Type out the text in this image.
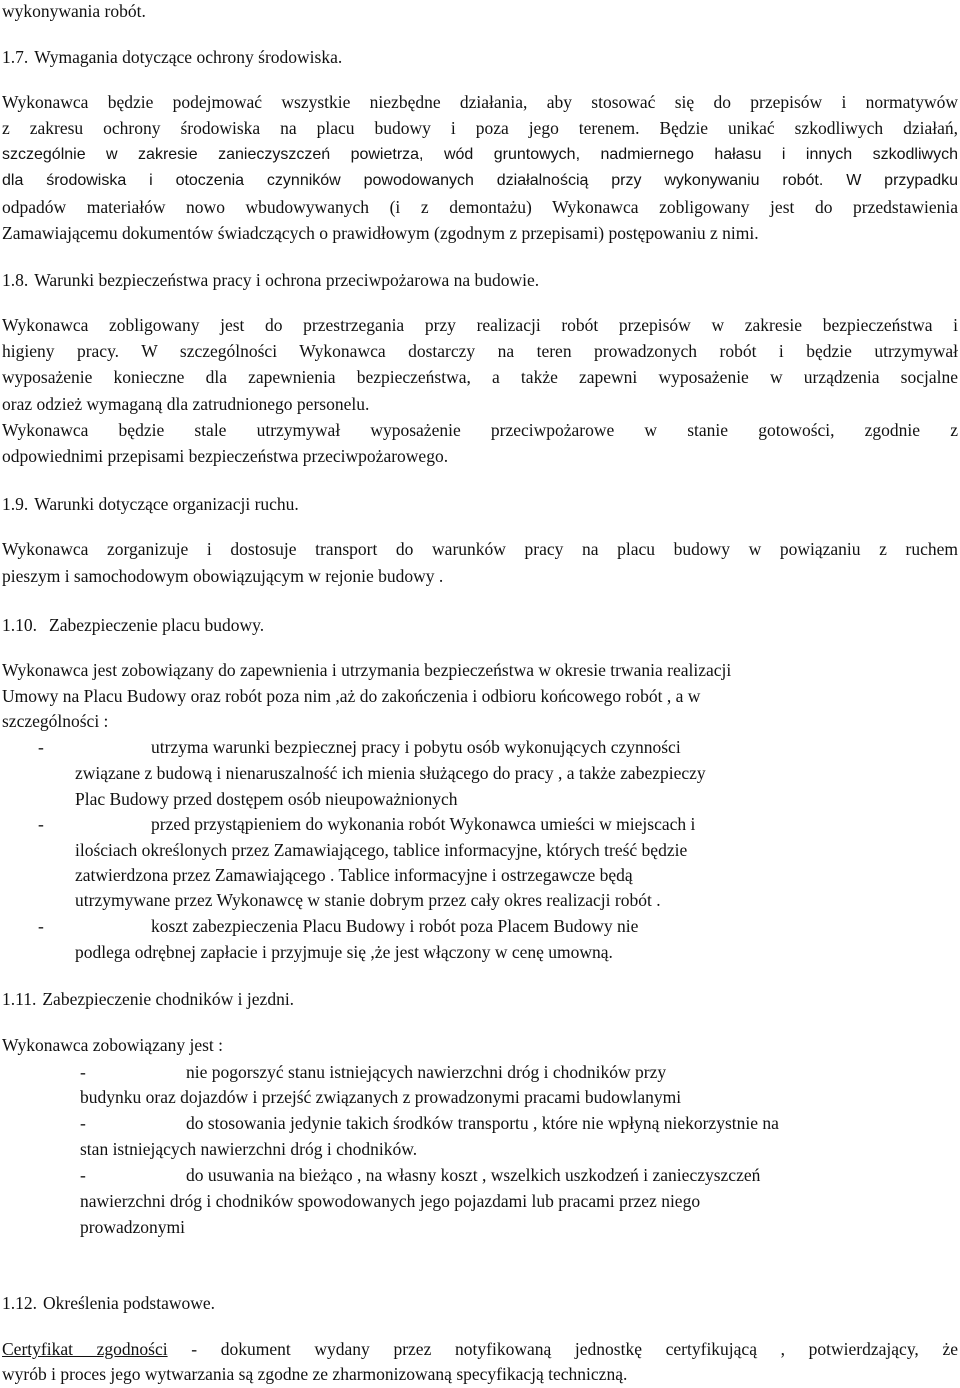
wykonywania robót.
1.7. Wymagania dotyczące ochrony środowiska.
Wykonawca będzie podejmować wszystkie niezbędne działania, aby stosować się do przepisów i normatywów
z zakresu ochrony środowiska na placu budowy i poza jego terenem. Będzie unikać szkodliwych działań,
szczególnie w zakresie zanieczyszczeń powietrza, wód gruntowych, nadmiernego hałasu i innych szkodliwych
dla środowiska i otoczenia czynników powodowanych działalnością przy wykonywaniu robót. W przypadku
odpadów materiałów nowo wbudowywanych (i z demontażu) Wykonawca zobligowany jest do przedstawienia
Zamawiającemu dokumentów świadczących o prawidłowym (zgodnym z przepisami) postępowaniu z nimi.
1.8. Warunki bezpieczeństwa pracy i ochrona przeciwpożarowa na budowie.
Wykonawca zobligowany jest do przestrzegania przy realizacji robót przepisów w zakresie bezpieczeństwa i
higieny pracy. W szczególności Wykonawca dostarczy na teren prowadzonych robót i będzie utrzymywał
wyposażenie konieczne dla zapewnienia bezpieczeństwa, a także zapewni wyposażenie w urządzenia socjalne
oraz odzież wymaganą dla zatrudnionego personelu.
Wykonawca będzie stale utrzymywał wyposażenie przeciwpożarowe w stanie gotowości, zgodnie z
odpowiednimi przepisami bezpieczeństwa przeciwpożarowego.
1.9. Warunki dotyczące organizacji ruchu.
Wykonawca zorganizuje i dostosuje transport do warunków pracy na placu budowy w powiązaniu z ruchem
pieszym i samochodowym obowiązującym w rejonie budowy .
1.10. Zabezpieczenie placu budowy.
Wykonawca jest zobowiązany do zapewnienia i utrzymania bezpieczeństwa w okresie trwania realizacji
Umowy na Placu Budowy oraz robót poza nim ,aż do zakończenia i odbioru końcowego robót , a w
szczególności :
-	utrzyma warunki bezpiecznej pracy i pobytu osób wykonujących czynności
związane z budową i nienaruszalność ich mienia służącego do pracy , a także zabezpieczy
Plac Budowy przed dostępem osób nieupoważnionych
-	przed przystąpieniem do wykonania robót Wykonawca umieści w miejscach i
ilościach określonych przez Zamawiającego, tablice informacyjne, których treść będzie
zatwierdzona przez Zamawiającego . Tablice informacyjne i ostrzegawcze będą
utrzymywane przez Wykonawcę w stanie dobrym przez cały okres realizacji robót .
-	koszt zabezpieczenia Placu Budowy i robót poza Placem Budowy nie
podlega odrębnej zapłacie i przyjmuje się ,że jest włączony w cenę umowną.
1.11. Zabezpieczenie chodników i jezdni.
Wykonawca zobowiązany jest :
-	nie pogorszyć stanu istniejących nawierzchni dróg i chodników przy
budynku oraz dojazdów i przejść związanych z prowadzonymi pracami budowlanymi
-	do stosowania jedynie takich środków transportu , które nie wpłyną niekorzystnie na
stan istniejących nawierzchni dróg i chodników.
-	do usuwania na bieżąco , na własny koszt , wszelkich uszkodzeń i zanieczyszczeń
nawierzchni dróg i chodników spowodowanych jego pojazdami lub pracami przez niego
prowadzonymi
1.12. Określenia podstawowe.
Certyfikat zgodności - dokument wydany przez notyfikowaną jednostkę certyfikującą , potwierdzający, że
wyrób i proces jego wytwarzania są zgodne ze zharmonizowaną specyfikacją techniczną.
